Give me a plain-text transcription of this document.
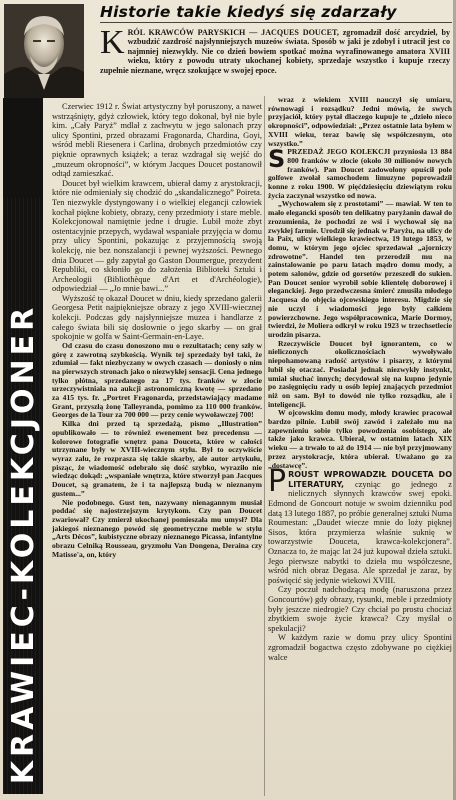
Historie takie kiedyś się zdarzały
K RÓL KRAWCÓW PARYSKICH — JACQUES DOUCET, zgromadził dość arcydzieł, by wzbudzić zazdrość najsłynniejszych muzeów świata. Sposób w jaki je zdobył i utracił jest co najmniej niezwykły. Nie co dzień bowiem spotkać można wyrafinowanego amatora XVIII wieku, który z powodu utraty ukochanej kobiety, sprzedaje wszystko i kupuje rzeczy zupełnie nieznane, wręcz szokujące w swojej epoce.
KRAWIEC-KOLEKCJONER

Czerwiec 1912 r. Świat artystyczny był poruszony, a nawet wstrząśnięty, gdyż człowiek, który tego dokonał, był nie byle kim. „Cały Paryż” mdlał z zachwytu w jego salonach przy ulicy Spontini, przed obrazami Fragonarda, Chardina, Goyi, wśród mebli Riesenera i Carlina, drobnych przedmiotów czy pięknie oprawnych książek; a teraz wzdragał się wejść do „muzeum okropności”, w którym Jacques Doucet postanowił odtąd zamieszkać.

Doucet był wielkim krawcem, ubierał damy z arystokracji, które nie odmieniały się chodzić do „skandalicznego” Poireta. Ten niezwykle dystyngowany i o wielkiej elegancji człowiek kochał piękne kobiety, obrazy, ceny przedmioty i stare meble. Kolekcjonował namiętnie jedne i drugie. Lubił może zbyt ostentacyjnie przepych, wydawał wspaniałe przyjęcia w domu przy ulicy Spontini, pokazując z przyjemnością swoją kolekcję, nie bez nonszalancji i pewnej wyższości. Pewnego dnia Doucet — gdy zapytał go Gaston Doumergue, prezydent Republiki, co skłoniło go do założenia Biblioteki Sztuki i Archeologii (Bibliothèque d'Art et d'Archéologie), odpowiedział — „Jo mnie bawi...”

Wyższość tę okazał Doucet w dniu, kiedy sprzedano galerii Georgesa Petit najpiękniejsze obrazy z jego XVIII-wiecznej kolekcji. Podczas gdy najsłynniejsze muzea i handlarze z całego świata bili się dosłownie o jego skarby — on grał spokojnie w golfa w Saint-Germain-en-Laye.

Od czasu do czasu donoszono mu o rezultatach; ceny szły w górę z zawrotną szybkością. Wynik tej sprzedaży był taki, że zdumiał — fakt niezbyczany w owych czasach — doniosły o nim na pierwszych stronach jako o niezwykłej sensacji. Cena jednego tylko płótna, sprzedanego za 17 tys. franków w złocie urzeczywistniała na aukcji astronomiczną kwotę — sprzedano za 415 tys. fr. „Portret Fragonarda, przedstawiający madame Grant, przyszłą żonę Talleyranda, pomimo za 110 000 franków. Georges de la Tour za 700 000 — przy cenie wywoławczej 700!

Kilka dni przed tą sprzedażą, pismo „Illustration” opublikowało — to również ewenement bez precedensu — kolorowe fotografie wnętrz pana Douceta, które w całości utrzymane były w XVIII-wiecznym stylu. Był to oczywiście wyraz zalu, że rozprasza się takie skarby, ale autor artykułu, pisząc, że wiadomość odebrało się dość szybko, wyraziło nie wiedząc dokąd: „wspaniałe wnętrza, które stworzył pan Jacques Doucet, są granatem, że i ta najlepszą budą w nieznanym gustem...”

Nie podobnego. Gust ten, nazywany nienagannym musiał poddać się najostrzejszym krytykom. Czy pan Doucet zwariował? Czy zmierzł ukochanej pomieszała mu umysł? Dla jakiegoś nieznanego powód się geometryczne meble w stylu „Arts Décos”, kubistyczne obrazy nieznanego Picassa, infantylne obrazu Celniką Rousseau, gryzmołu Van Dongena, Deraina czy Matisse'a, on, który

wraz z wiekiem XVIII nauczył się umiaru, równowagi i rozsądku? Jedni mówią, że swych przyjaciół, który pytał dlaczego kupuje te „dzieło nieco okropności”, odpowiedział: „Przez ostatnie lata byłem w XVIII wieku, teraz bawię się współczesnym, oto wszystko.”

S PRZEDAŻ JEGO KOLEKCJI przyniosła 13 884 800 franków w złocie (około 30 milionów nowych franków). Pan Doucet zadowolony opuścił pole golfowe zwołał samochodem limuzyne poprowadził konne z roku 1900. W pięćdziesięciu dziewiątym roku życia zaczynał wszystko od nowa.

„Wychowałem się z prostotami” — mawiał. W ten to mało elegancki sposób ten delikatny paryżanin dawał do zrozumienia, że pochodzi ze wsi i wychował się na zwykłej farmie. Urodził się jednak w Paryżu, na ulicy de la Paix, ulicy wielkiego krawiectwa, 19 lutego 1853, w domu, w którym jego ojciec sprzedawał „ajorniczy zdrowotne”. Handel ten przerodził mu na zainstalowanie po paru latach mądro domu mody, a potem salonów, gdzie od gorsetów przeszedł do sukien. Pan Doucet senior wyrobił sobie klientelę doborowej i eleganckiej. Jego przedwczesna śmierć zmusiła młodego Jacquesa do objęcia ojcowskiego interesu. Migdzie się nie uczył i wiadomości jego były całkiem powierzchowne. Jego współpracownica, Marie Dormoy, twierdzi, że Moliera odkrył w roku 1923 w trzechsetlecie urodzin pisarza.

Rzeczywiście Doucet był ignorantem, co w nieliczonych okolicznościach wywoływało niepohamowaną radość artystów i pisarzy, z którymi lubił się otaczać. Posiadał jednak niezwykły instynkt, umiał słuchać innych; decydował się na kupno jedynie po zasięgnięciu rady u osób lepiej znających przedmiot niż on sam. Był to dowód nie tylko rozsądku, ale i inteligencji.

W ojcowskim domu mody, młody krawiec pracował bardzo pilnie. Lubił swój zawód i zależało mu na zapewnieniu sobie tylko powodzenia osobistego, ale także jako krawca. Ubierał, w ostatnim latach XIX wieku — a trwało to aż do 1914 — nie był przyjmowany przez arystokracje, która ubierał. Uważano go za „dostawcę”.

P ROUST WPROWADZIŁ DOUCETA DO LITERATURY, czyniąc go jednego z nielicznych słynnych krawców swej epoki. Edmond de Goncourt notuje w swoim dzienniku pod datą 13 lutego 1887, po próbie generalnej sztuki Numa Roumestan: „Daudet wiecze mnie do loży pięknej Sisos, która przymierza właśnie suknię w towarzystwie Douceta, krawca-kolekcjonera”. Oznacza to, że mając lat 24 już kupował dzieła sztuki. Jego pierwsze nabytki to dzieła mu współczesne, wśród nich obraz Degasa. Ale sprzedał je zaraz, by poświęcić się jedynie wiekowi XVIII.

Czy poczuł nadchodzącą modę (naruszona przez Goncourtów) gdy obrazy, rysunki, meble i przedmioty były jeszcze niedrogie? Czy chciał po prostu chociaż zbytkiem swoje życie krawca? Czy myślał o spekulacji?

W każdym razie w domu przy ulicy Spontini zgromadził bogactwa często zdobywane po ciężkiej walce
